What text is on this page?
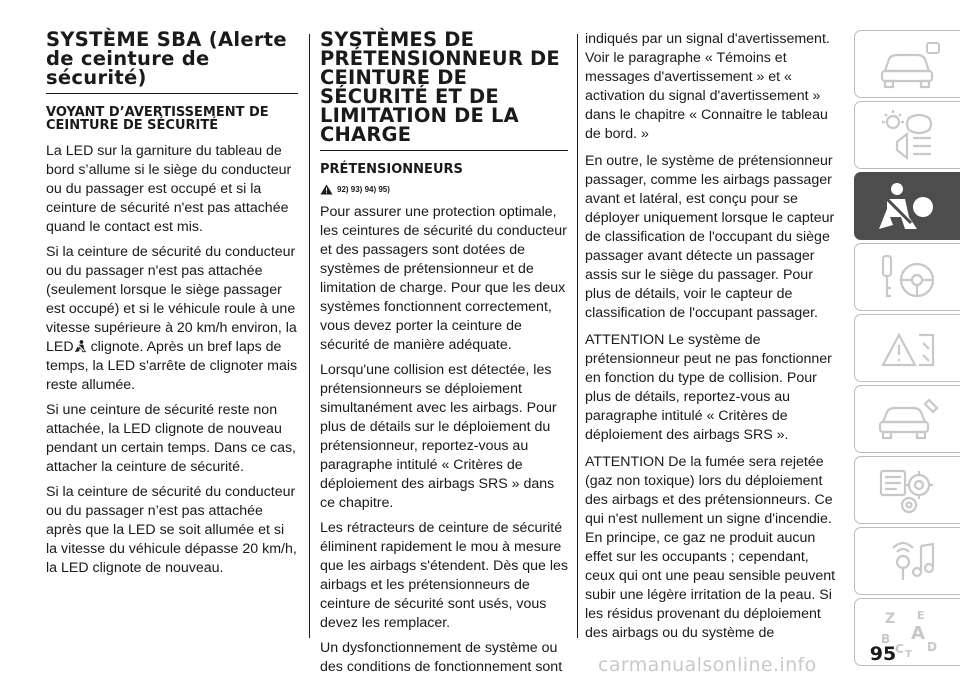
SYSTÈME SBA (Alerte de ceinture de sécurité)
VOYANT D’AVERTISSEMENT DE CEINTURE DE SÉCURITÉ

La LED sur la garniture du tableau de bord s’allume si le siège du conducteur ou du passager est occupé et si la ceinture de sécurité n'est pas attachée quand le contact est mis.

Si la ceinture de sécurité du conducteur ou du passager n'est pas attachée (seulement lorsque le siège passager est occupé) et si le véhicule roule à une vitesse supérieure à 20 km/h environ, la LED clignote. Après un bref laps de temps, la LED s'arrête de clignoter mais reste allumée.

Si une ceinture de sécurité reste non attachée, la LED clignote de nouveau pendant un certain temps. Dans ce cas, attacher la ceinture de sécurité.

Si la ceinture de sécurité du conducteur ou du passager n’est pas attachée après que la LED se soit allumée et si la vitesse du véhicule dépasse 20 km/h, la LED clignote de nouveau.

SYSTÈMES DE PRÉTENSIONNEUR DE CEINTURE DE SÉCURITÉ ET DE LIMITATION DE LA CHARGE
PRÉTENSIONNEURS
92) 93) 94) 95)

Pour assurer une protection optimale, les ceintures de sécurité du conducteur et des passagers sont dotées de systèmes de prétensionneur et de limitation de charge. Pour que les deux systèmes fonctionnent correctement, vous devez porter la ceinture de sécurité de manière adéquate.

Lorsqu'une collision est détectée, les prétensionneurs se déploiement simultanément avec les airbags. Pour plus de détails sur le déploiement du prétensionneur, reportez-vous au paragraphe intitulé « Critères de déploiement des airbags SRS » dans ce chapitre.

Les rétracteurs de ceinture de sécurité éliminent rapidement le mou à mesure que les airbags s'étendent. Dès que les airbags et les prétensionneurs de ceinture de sécurité sont usés, vous devez les remplacer.

Un dysfonctionnement de système ou des conditions de fonctionnement sont

indiqués par un signal d'avertissement. Voir le paragraphe « Témoins et messages d'avertissement » et « activation du signal d'avertissement » dans le chapitre « Connaitre le tableau de bord. »

En outre, le système de prétensionneur passager, comme les airbags passager avant et latéral, est conçu pour se déployer uniquement lorsque le capteur de classification de l'occupant du siège passager avant détecte un passager assis sur le siège du passager. Pour plus de détails, voir le capteur de classification de l'occupant passager.

ATTENTION Le système de prétensionneur peut ne pas fonctionner en fonction du type de collision. Pour plus de détails, reportez-vous au paragraphe intitulé « Critères de déploiement des airbags SRS ».

ATTENTION De la fumée sera rejetée (gaz non toxique) lors du déploiement des airbags et des prétensionneurs. Ce qui n'est nullement un signe d'incendie. En principe, ce gaz ne produit aucun effet sur les occupants ; cependant, ceux qui ont une peau sensible peuvent subir une légère irritation de la peau. Si les résidus provenant du déploiement des airbags ou du système de

Z E
A
B
C T
D
95
carmanualsonline.info
